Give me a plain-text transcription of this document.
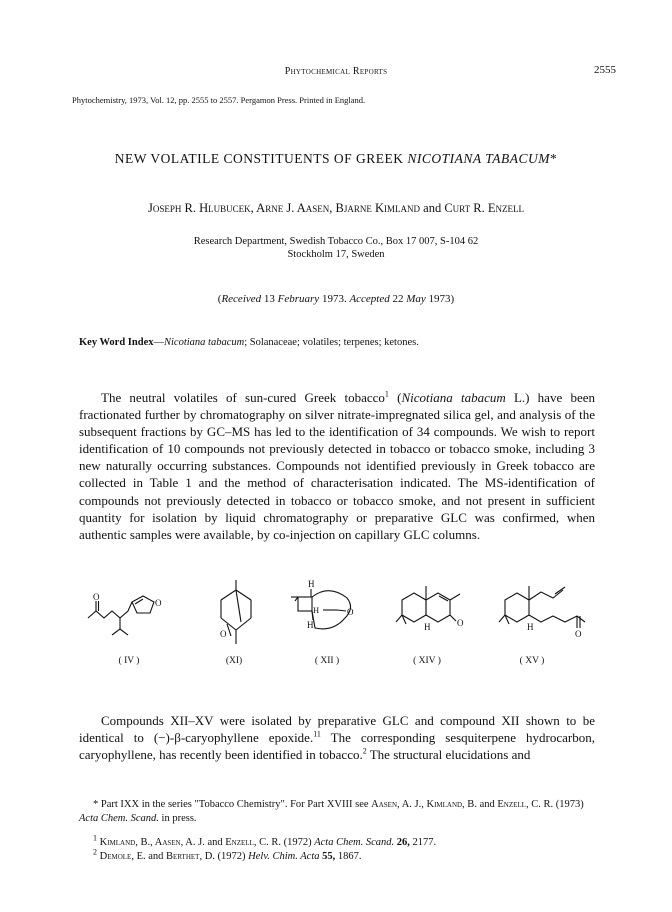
Phytochemical Reports	2555
Phytochemistry, 1973, Vol. 12, pp. 2555 to 2557. Pergamon Press. Printed in England.
NEW VOLATILE CONSTITUENTS OF GREEK NICOTIANA TABACUM*
Joseph R. Hlubucek, Arne J. Aasen, Bjarne Kimland and Curt R. Enzell
Research Department, Swedish Tobacco Co., Box 17 007, S-104 62
Stockholm 17, Sweden
(Received 13 February 1973. Accepted 22 May 1973)
Key Word Index—Nicotiana tabacum; Solanaceae; volatiles; terpenes; ketones.
The neutral volatiles of sun-cured Greek tobacco$^1$ (Nicotiana tabacum L.) have been fractionated further by chromatography on silver nitrate-impregnated silica gel, and analysis of the subsequent fractions by GC–MS has led to the identification of 34 compounds. We wish to report identification of 10 compounds not previously detected in tobacco or tobacco smoke, including 3 new naturally occurring substances. Compounds not identified previously in Greek tobacco are collected in Table 1 and the method of characterisation indicated. The MS-identification of compounds not previously detected in tobacco or tobacco smoke, and not present in sufficient quantity for isolation by liquid chromatography or preparative GLC was confirmed, when authentic samples were available, by co-injection on capillary GLC columns.
O
O
O
H
H	O
H	O
H
O
H
( IV )	(XI)	( XII )	( XIV )	( XV )
Compounds XII–XV were isolated by preparative GLC and compound XII shown to be identical to (−)-β-caryophyllene epoxide.$^{11}$ The corresponding sesquiterpene hydrocarbon, caryophyllene, has recently been identified in tobacco.$^2$ The structural elucidations and
* Part IXX in the series "Tobacco Chemistry". For Part XVIII see Aasen, A. J., Kimland, B. and Enzell, C. R. (1973) Acta Chem. Scand. in press.
$^1$ Kimland, B., Aasen, A. J. and Enzell, C. R. (1972) Acta Chem. Scand. 26, 2177.
$^2$ Demole, E. and Berthet, D. (1972) Helv. Chim. Acta 55, 1867.
